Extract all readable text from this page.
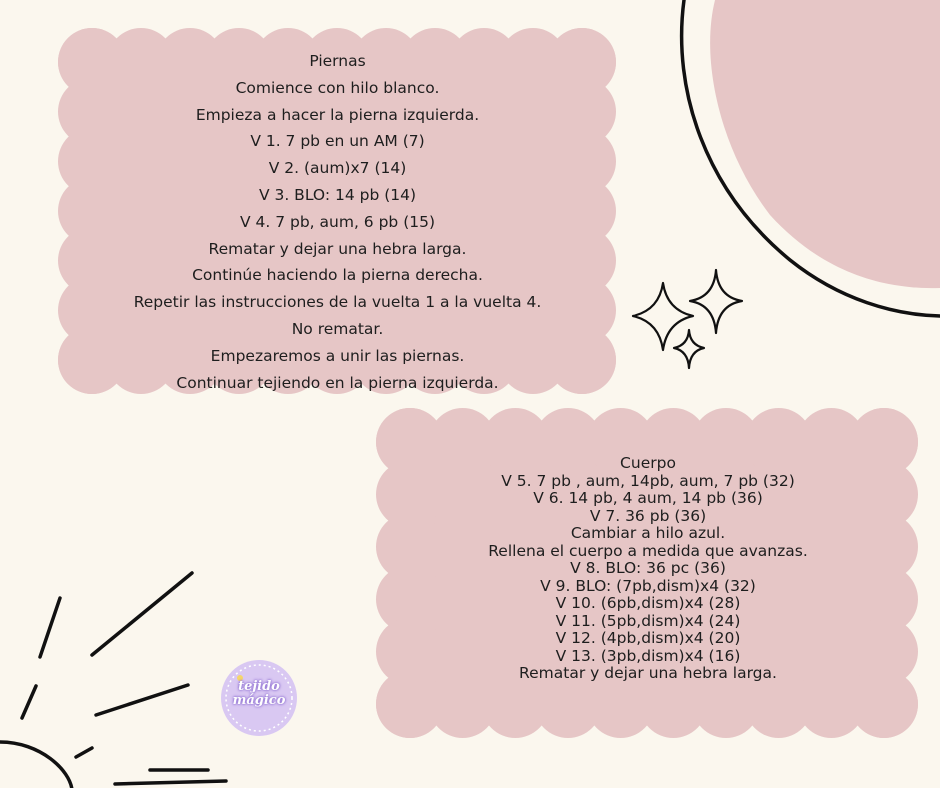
Piernas
Comience con hilo blanco.
Empieza a hacer la pierna izquierda.
V 1. 7 pb en un AM (7)
V 2. (aum)x7 (14)
V 3. BLO: 14 pb (14)
V 4. 7 pb, aum, 6 pb (15)
Rematar y dejar una hebra larga.
Continúe haciendo la pierna derecha.
Repetir las instrucciones de la vuelta 1 a la vuelta 4.
No rematar.
Empezaremos a unir las piernas.
Continuar tejiendo en la pierna izquierda.
Cuerpo
V 5. 7 pb , aum, 14pb, aum, 7 pb (32)
V 6. 14 pb, 4 aum, 14 pb (36)
V 7. 36 pb (36)
Cambiar a hilo azul.
Rellena el cuerpo a medida que avanzas.
V 8. BLO: 36 pc (36)
V 9. BLO: (7pb,dism)x4 (32)
V 10. (6pb,dism)x4 (28)
V 11. (5pb,dism)x4 (24)
V 12. (4pb,dism)x4 (20)
V 13. (3pb,dism)x4 (16)
Rematar y dejar una hebra larga.
tejido
mágico
